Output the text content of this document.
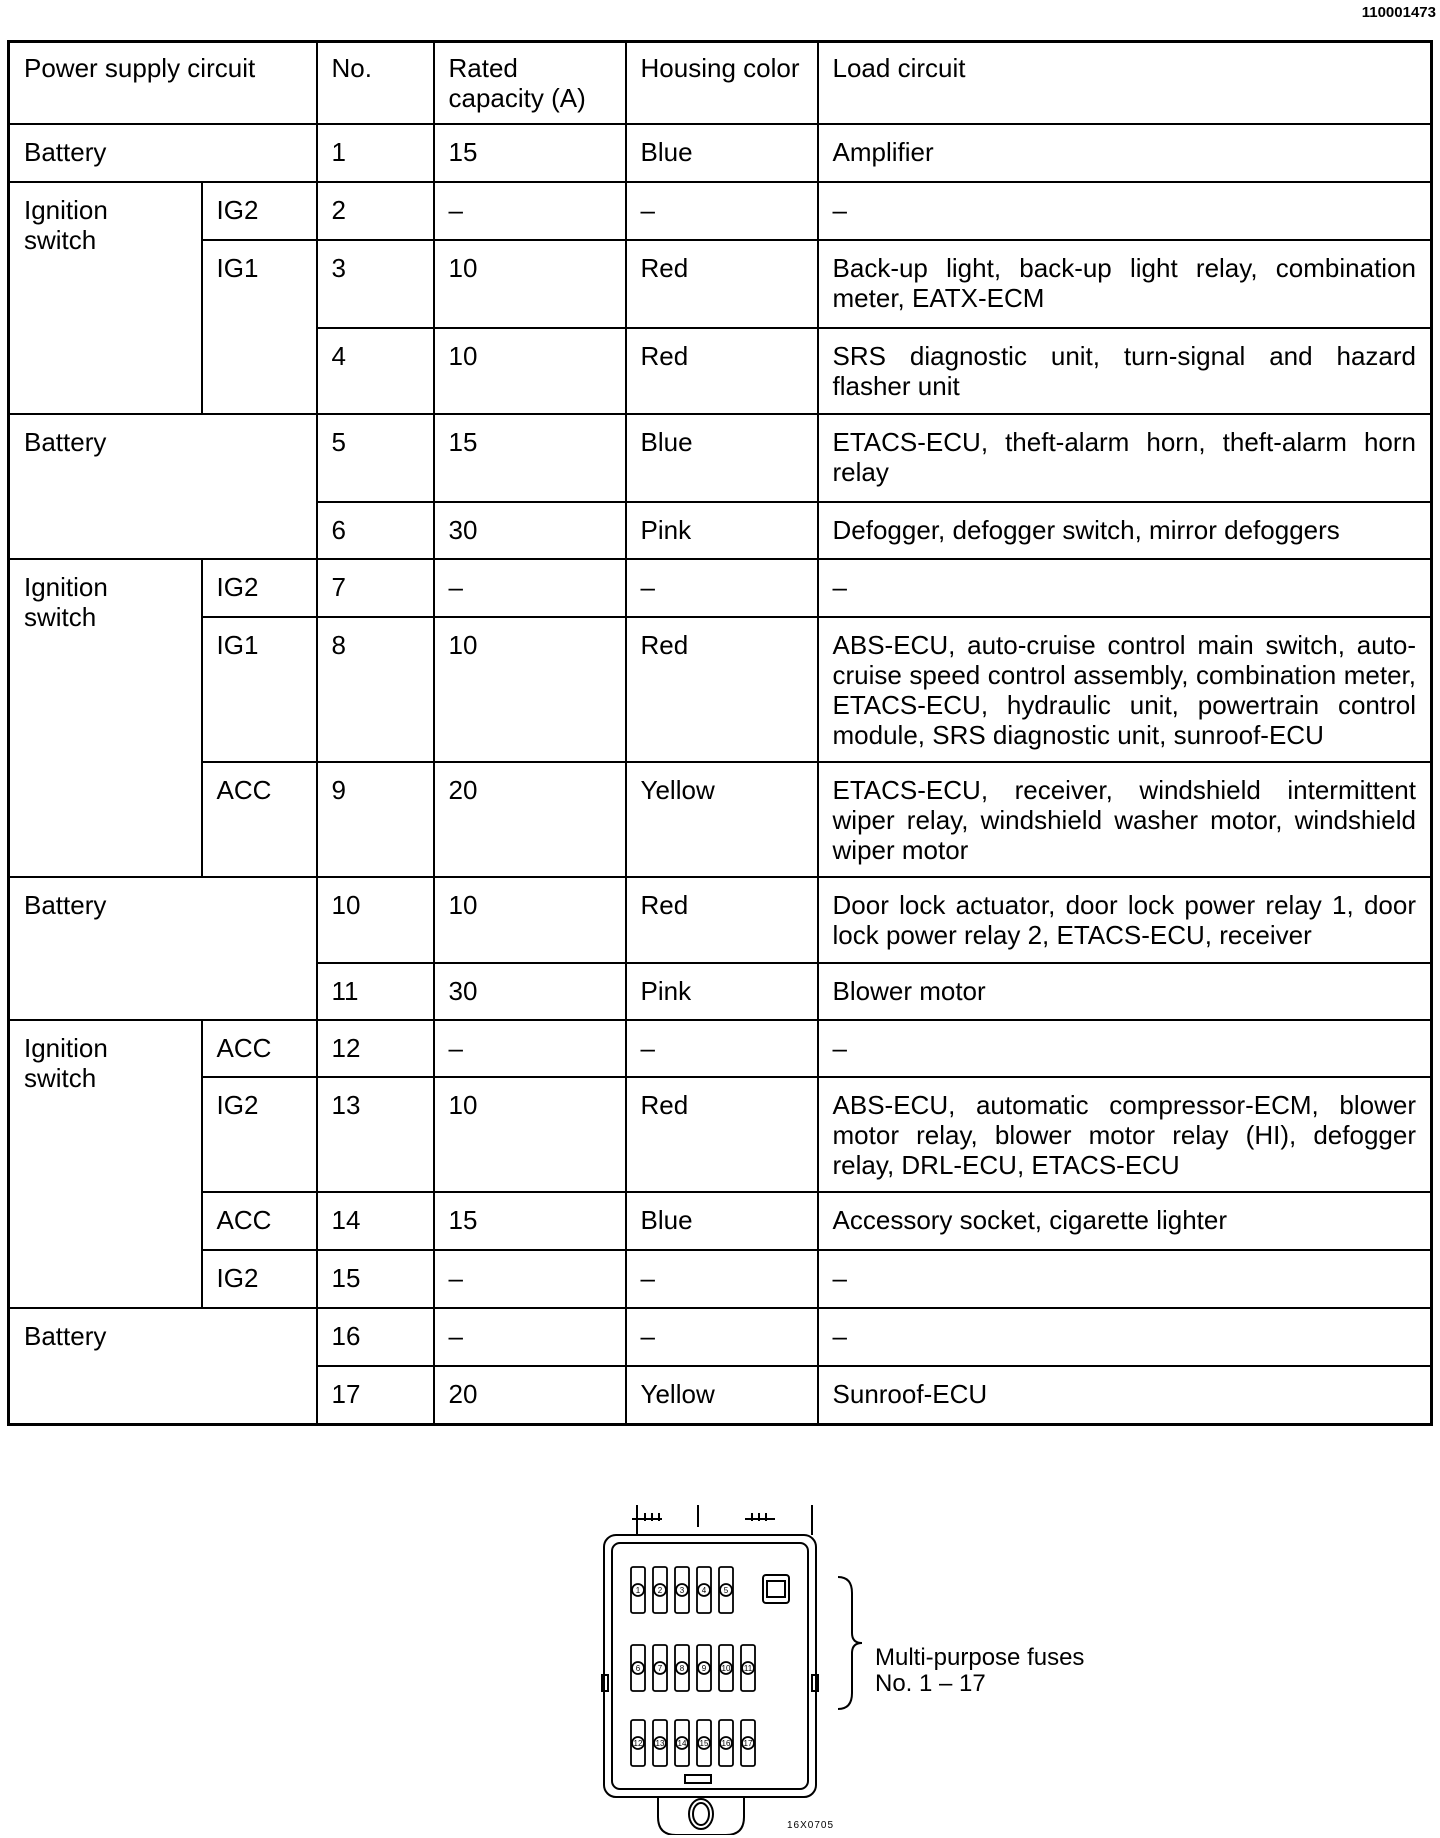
110001473
Power supply circuit		No.	Rated capacity (A)	Housing color	Load circuit
Battery		1	15	Blue	Amplifier
Ignition switch	IG2	2	–	–	–
	IG1	3	10	Red	Back-up light, back-up light relay, combination meter, EATX-ECM
		4	10	Red	SRS diagnostic unit, turn-signal and hazard flasher unit
Battery		5	15	Blue	ETACS-ECU, theft-alarm horn, theft-alarm horn relay
		6	30	Pink	Defogger, defogger switch, mirror defoggers
Ignition switch	IG2	7	–	–	–
	IG1	8	10	Red	ABS-ECU, auto-cruise control main switch, auto-cruise speed control assembly, combination meter, ETACS-ECU, hydraulic unit, powertrain control module, SRS diagnostic unit, sunroof-ECU
	ACC	9	20	Yellow	ETACS-ECU, receiver, windshield intermittent wiper relay, windshield washer motor, windshield wiper motor
Battery		10	10	Red	Door lock actuator, door lock power relay 1, door lock power relay 2, ETACS-ECU, receiver
		11	30	Pink	Blower motor
Ignition switch	ACC	12	–	–	–
	IG2	13	10	Red	ABS-ECU, automatic compressor-ECM, blower motor relay, blower motor relay (HI), defogger relay, DRL-ECU, ETACS-ECU
	ACC	14	15	Blue	Accessory socket, cigarette lighter
	IG2	15	–	–	–
Battery		16	–	–	–
		17	20	Yellow	Sunroof-ECU
1 2 3 4 5
6 7 8 9 10 11
12 13 14 15 16 17
Multi-purpose fuses
No. 1 – 17
16X0705
